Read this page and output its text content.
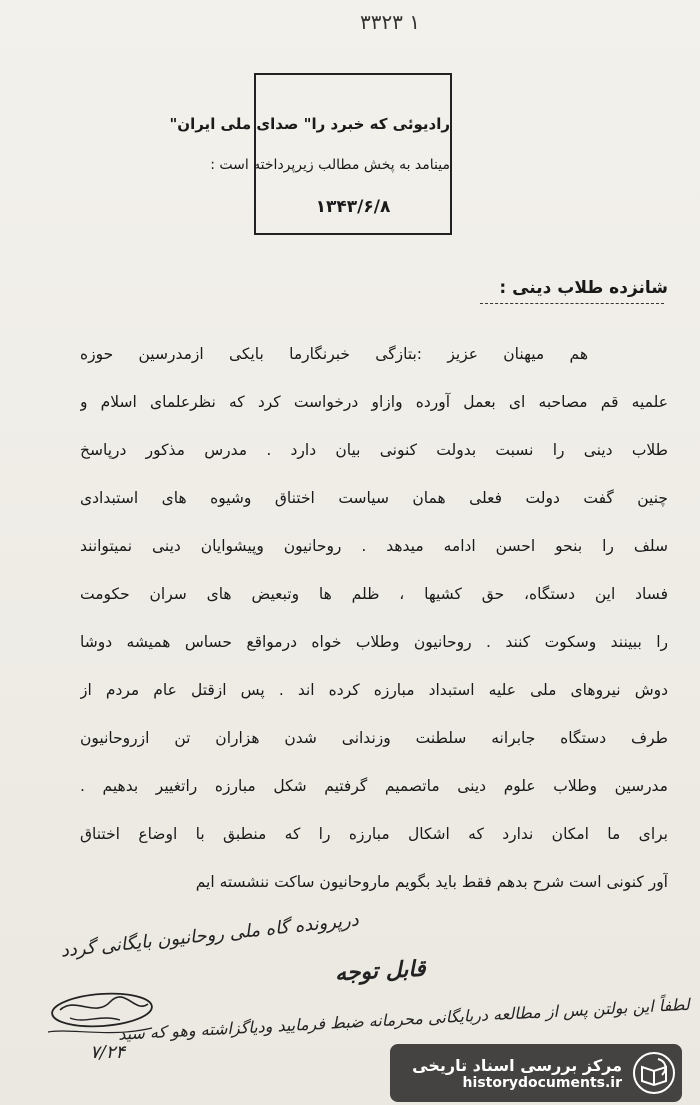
۳۳۲۳ ۱
رادیوئی که خبرد را" صدای ملی ایران"
مینامد به پخش مطالب زیرپرداخته است :
۱۳۴۳/۶/۸
شانزده طلاب دینی :
هم میهنان عزیز :بتازگی خبرنگارما بایکی ازمدرسین حوزه
علمیه قم مصاحبه ای بعمل آورده وازاو درخواست کرد که نظرعلمای اسلام و
طلاب دینی را نسبت بدولت کنونی بیان دارد . مدرس مذکور درپاسخ
چنین گفت دولت فعلی همان سیاست اختناق وشیوه های استبدادی
سلف را بنحو احسن ادامه میدهد . روحانیون وپیشوایان دینی نمیتوانند
فساد این دستگاه، حق کشیها ، ظلم ها وتبعیض های سران حکومت
را ببینند وسکوت کنند . روحانیون وطلاب خواه درمواقع حساس همیشه دوشا
دوش نیروهای ملی علیه استبداد مبارزه کرده اند . پس ازقتل عام مردم از
طرف دستگاه جابرانه سلطنت وزندانی شدن هزاران تن ازروحانیون
مدرسین وطلاب علوم دینی ماتصمیم گرفتیم شکل مبارزه راتغییر بدهیم .
برای ما امکان ندارد که اشکال مبارزه را که منطبق با اوضاع اختناق
آور کنونی است شرح بدهم فقط باید بگویم ماروحانیون ساکت ننشسته ایم
درپرونده گاه ملی روحانیون بایگانی گردد
قابل توجه
لطفاً این بولتن پس از مطالعه دربایگانی محرمانه ضبط فرمایید ودیاگزاشته وهو که سید
۷/۲۴
مرکز بررسی اسناد تاریخی
historydocuments.ir
